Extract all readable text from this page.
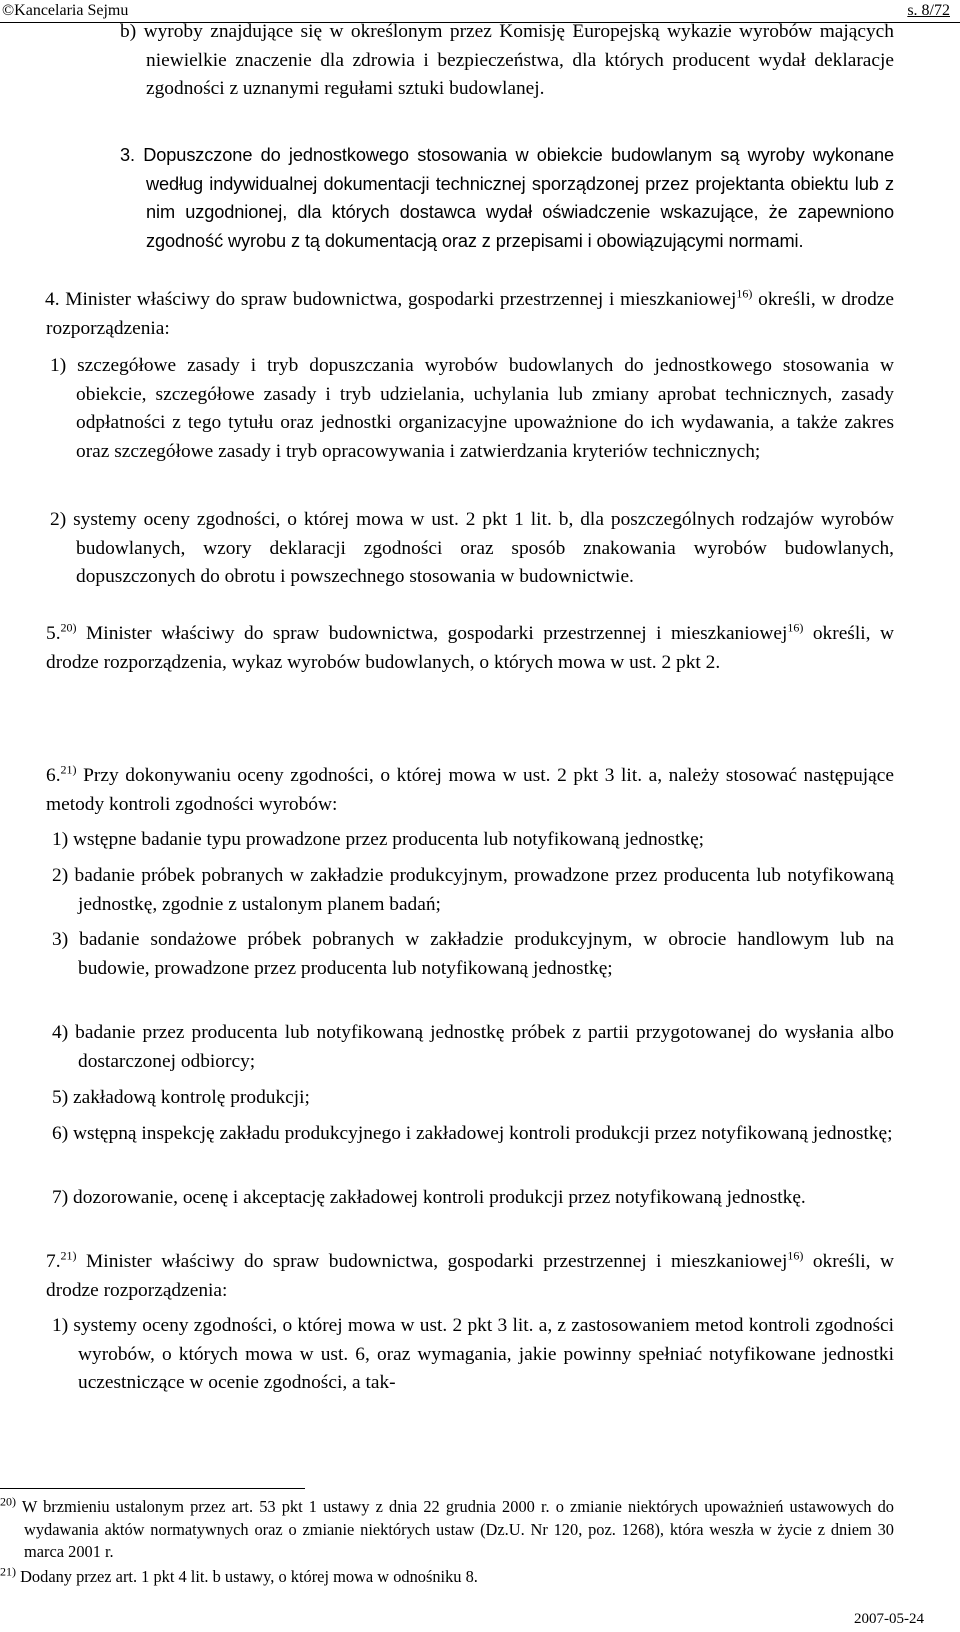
©Kancelaria Sejmu	s. 8/72
b) wyroby znajdujące się w określonym przez Komisję Europejską wykazie wyrobów mających niewielkie znaczenie dla zdrowia i bezpieczeństwa, dla których producent wydał deklaracje zgodności z uznanymi regułami sztuki budowlanej.
3. Dopuszczone do jednostkowego stosowania w obiekcie budowlanym są wyroby wykonane według indywidualnej dokumentacji technicznej sporządzonej przez projektanta obiektu lub z nim uzgodnionej, dla których dostawca wydał oświadczenie wskazujące, że zapewniono zgodność wyrobu z tą dokumentacją oraz z przepisami i obowiązującymi normami.
4. Minister właściwy do spraw budownictwa, gospodarki przestrzennej i mieszkaniowej$^{16)}$ określi, w drodze rozporządzenia:
1) szczegółowe zasady i tryb dopuszczania wyrobów budowlanych do jednostkowego stosowania w obiekcie, szczegółowe zasady i tryb udzielania, uchylania lub zmiany aprobat technicznych, zasady odpłatności z tego tytułu oraz jednostki organizacyjne upoważnione do ich wydawania, a także zakres oraz szczegółowe zasady i tryb opracowywania i zatwierdzania kryteriów technicznych;
2) systemy oceny zgodności, o której mowa w ust. 2 pkt 1 lit. b, dla poszczególnych rodzajów wyrobów budowlanych, wzory deklaracji zgodności oraz sposób znakowania wyrobów budowlanych, dopuszczonych do obrotu i powszechnego stosowania w budownictwie.
5.$^{20)}$ Minister właściwy do spraw budownictwa, gospodarki przestrzennej i mieszkaniowej$^{16)}$ określi, w drodze rozporządzenia, wykaz wyrobów budowlanych, o których mowa w ust. 2 pkt 2.
6.$^{21)}$ Przy dokonywaniu oceny zgodności, o której mowa w ust. 2 pkt 3 lit. a, należy stosować następujące metody kontroli zgodności wyrobów:
1) wstępne badanie typu prowadzone przez producenta lub notyfikowaną jednostkę;
2) badanie próbek pobranych w zakładzie produkcyjnym, prowadzone przez producenta lub notyfikowaną jednostkę, zgodnie z ustalonym planem badań;
3) badanie sondażowe próbek pobranych w zakładzie produkcyjnym, w obrocie handlowym lub na budowie, prowadzone przez producenta lub notyfikowaną jednostkę;
4) badanie przez producenta lub notyfikowaną jednostkę próbek z partii przygotowanej do wysłania albo dostarczonej odbiorcy;
5) zakładową kontrolę produkcji;
6) wstępną inspekcję zakładu produkcyjnego i zakładowej kontroli produkcji przez notyfikowaną jednostkę;
7) dozorowanie, ocenę i akceptację zakładowej kontroli produkcji przez notyfikowaną jednostkę.
7.$^{21)}$ Minister właściwy do spraw budownictwa, gospodarki przestrzennej i mieszkaniowej$^{16)}$ określi, w drodze rozporządzenia:
1) systemy oceny zgodności, o której mowa w ust. 2 pkt 3 lit. a, z zastosowaniem metod kontroli zgodności wyrobów, o których mowa w ust. 6, oraz wymagania, jakie powinny spełniać notyfikowane jednostki uczestniczące w ocenie zgodności, a tak-
$^{20)}$ W brzmieniu ustalonym przez art. 53 pkt 1 ustawy z dnia 22 grudnia 2000 r. o zmianie niektórych upoważnień ustawowych do wydawania aktów normatywnych oraz o zmianie niektórych ustaw (Dz.U. Nr 120, poz. 1268), która weszła w życie z dniem 30 marca 2001 r.
$^{21)}$ Dodany przez art. 1 pkt 4 lit. b ustawy, o której mowa w odnośniku 8.
2007-05-24
